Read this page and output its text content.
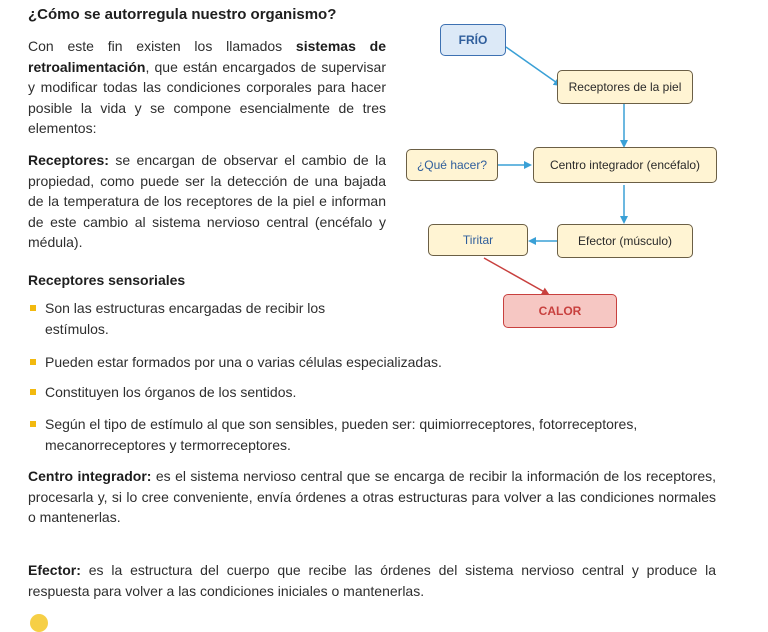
¿Cómo se autorregula nuestro organismo?

Con este fin existen los llamados sistemas de retroalimentación, que están encargados de supervisar y modificar todas las condiciones corporales para hacer posible la vida y se compone esencialmente de tres elementos:

Receptores: se encargan de observar el cambio de la propiedad, como puede ser la detección de una bajada de la temperatura de los receptores de la piel e informan de este cambio al sistema nervioso central (encéfalo y médula).

Receptores sensoriales
Son las estructuras encargadas de recibir los estímulos.
Pueden estar formados por una o varias células especializadas.
Constituyen los órganos de los sentidos.
Según el tipo de estímulo al que son sensibles, pueden ser: quimiorreceptores, fotorreceptores, mecanorreceptores y termorreceptores.

Centro integrador: es el sistema nervioso central que se encarga de recibir la información de los receptores, procesarla y, si lo cree conveniente, envía órdenes a otras estructuras para volver a las condiciones normales o mantenerlas.

Efector: es la estructura del cuerpo que recibe las órdenes del sistema nervioso central y produce la respuesta para volver a las condiciones iniciales o mantenerlas.

FRÍO
Receptores de la piel
¿Qué hacer?	Centro integrador (encéfalo)
Tiritar	Efector (músculo)
CALOR
